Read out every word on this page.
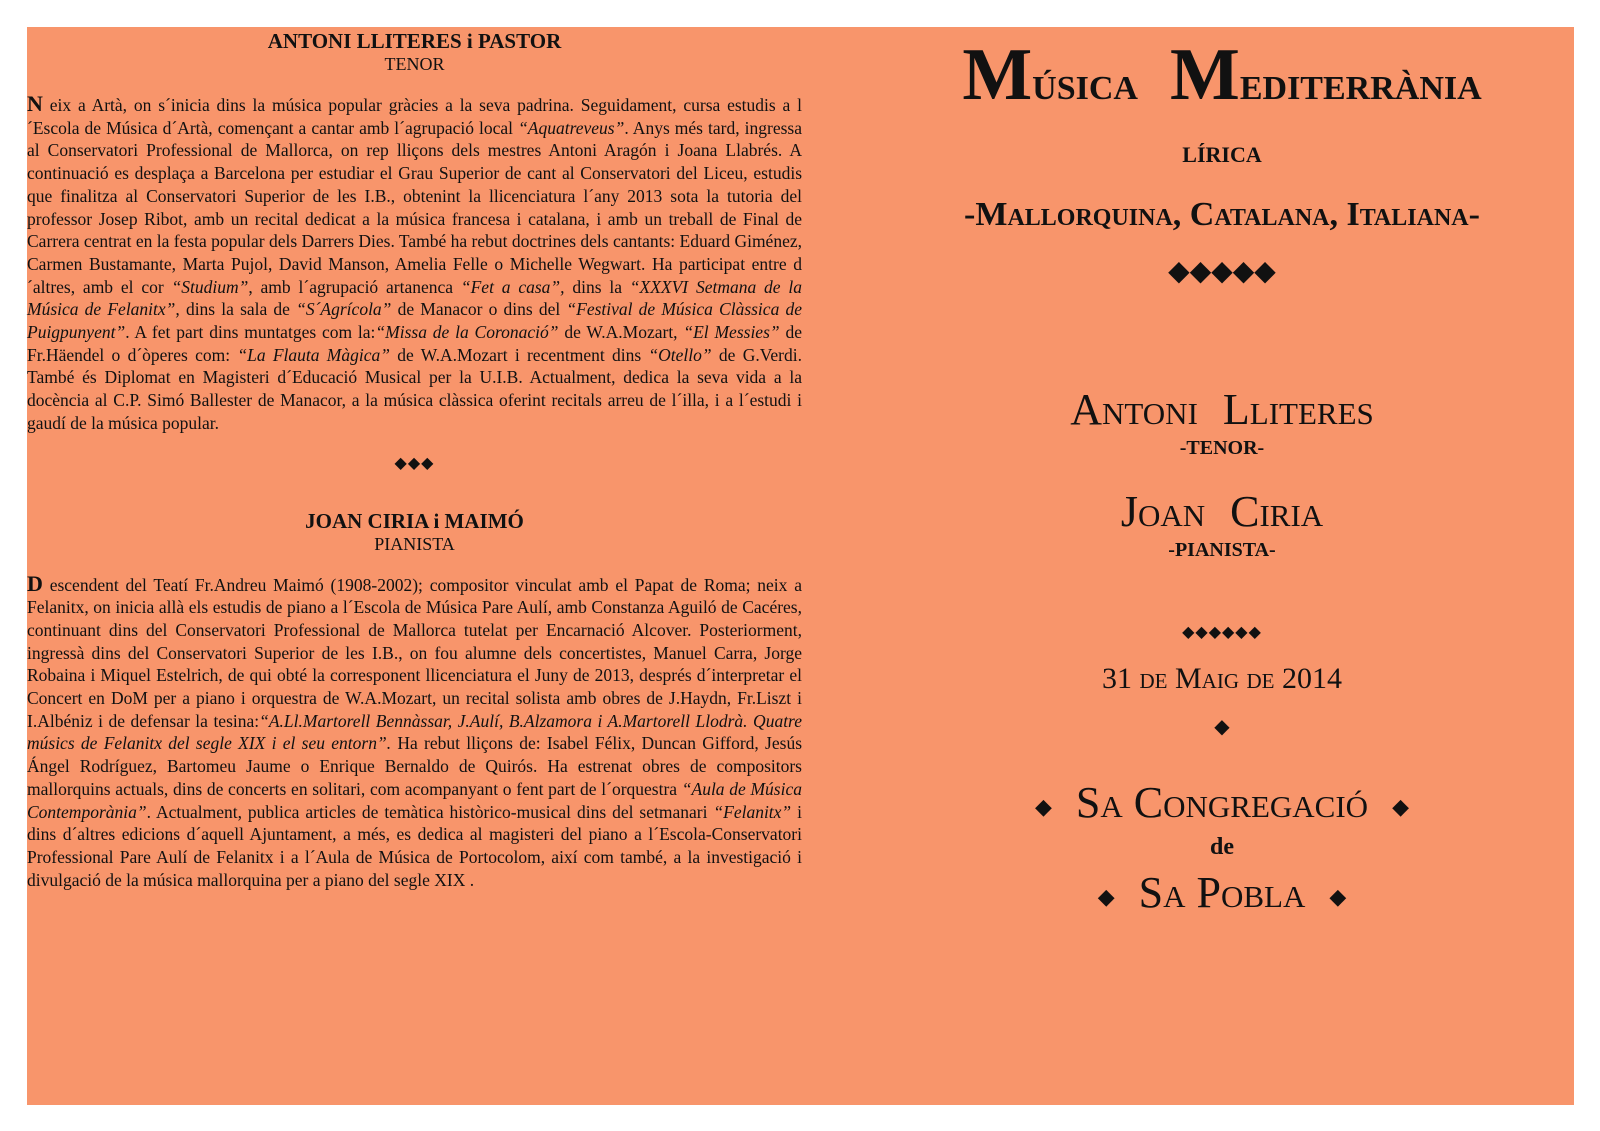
ANTONI LLITERES i PASTOR
TENOR
N eix a Artà, on s´inicia dins la música popular gràcies a la seva padrina. Seguidament, cursa estudis a l´Escola de Música d´Artà, començant a cantar amb l´agrupació local “Aquatreveus”. Anys més tard, ingressa al Conservatori Professional de Mallorca, on rep lliçons dels mestres Antoni Aragón i Joana Llabrés. A continuació es desplaça a Barcelona per estudiar el Grau Superior de cant al Conservatori del Liceu, estudis que finalitza al Conservatori Superior de les I.B., obtenint la llicenciatura l´any 2013 sota la tutoria del professor Josep Ribot, amb un recital dedicat a la música francesa i catalana, i amb un treball de Final de Carrera centrat en la festa popular dels Darrers Dies. També ha rebut doctrines dels cantants: Eduard Giménez, Carmen Bustamante, Marta Pujol, David Manson, Amelia Felle o Michelle Wegwart. Ha participat entre d´altres, amb el cor “Studium”, amb l´agrupació artanenca “Fet a casa”, dins la “XXXVI Setmana de la Música de Felanitx”, dins la sala de “S´Agrícola” de Manacor o dins del “Festival de Música Clàssica de Puigpunyent”. A fet part dins muntatges com la:“Missa de la Coronació” de W.A.Mozart, “El Messies” de Fr.Häendel o d´òperes com: “La Flauta Màgica” de W.A.Mozart i recentment dins “Otello” de G.Verdi. També és Diplomat en Magisteri d´Educació Musical per la U.I.B. Actualment, dedica la seva vida a la docència al C.P. Simó Ballester de Manacor, a la música clàssica oferint recitals arreu de l´illa, i a l´estudi i gaudí de la música popular.
◆◆◆
JOAN CIRIA i MAIMÓ
PIANISTA
D escendent del Teatí Fr.Andreu Maimó (1908-2002); compositor vinculat amb el Papat de Roma; neix a Felanitx, on inicia allà els estudis de piano a l´Escola de Música Pare Aulí, amb Constanza Aguiló de Cacéres, continuant dins del Conservatori Professional de Mallorca tutelat per Encarnació Alcover. Posteriorment, ingressà dins del Conservatori Superior de les I.B., on fou alumne dels concertistes, Manuel Carra, Jorge Robaina i Miquel Estelrich, de qui obté la corresponent llicenciatura el Juny de 2013, després d´interpretar el Concert en DoM per a piano i orquestra de W.A.Mozart, un recital solista amb obres de J.Haydn, Fr.Liszt i I.Albéniz i de defensar la tesina:“A.Ll.Martorell Bennàssar, J.Aulí, B.Alzamora i A.Martorell Llodrà. Quatre músics de Felanitx del segle XIX i el seu entorn”. Ha rebut lliçons de: Isabel Félix, Duncan Gifford, Jesús Ángel Rodríguez, Bartomeu Jaume o Enrique Bernaldo de Quirós. Ha estrenat obres de compositors mallorquins actuals, dins de concerts en solitari, com acompanyant o fent part de l´orquestra “Aula de Música Contemporània”. Actualment, publica articles de temàtica històrico-musical dins del setmanari “Felanitx” i dins d´altres edicions d´aquell Ajuntament, a més, es dedica al magisteri del piano a l´Escola-Conservatori Professional Pare Aulí de Felanitx i a l´Aula de Música de Portocolom, així com també, a la investigació i divulgació de la música mallorquina per a piano del segle XIX .
Música Mediterrània
LÍRICA
-Mallorquina, Catalana, Italiana-
◆◆◆◆◆
Antoni Lliteres
-TENOR-
Joan Ciria
-PIANISTA-
◆◆◆◆◆◆
31 de Maig de 2014
◆
◆ Sa Congregació ◆
de
◆ Sa Pobla ◆
